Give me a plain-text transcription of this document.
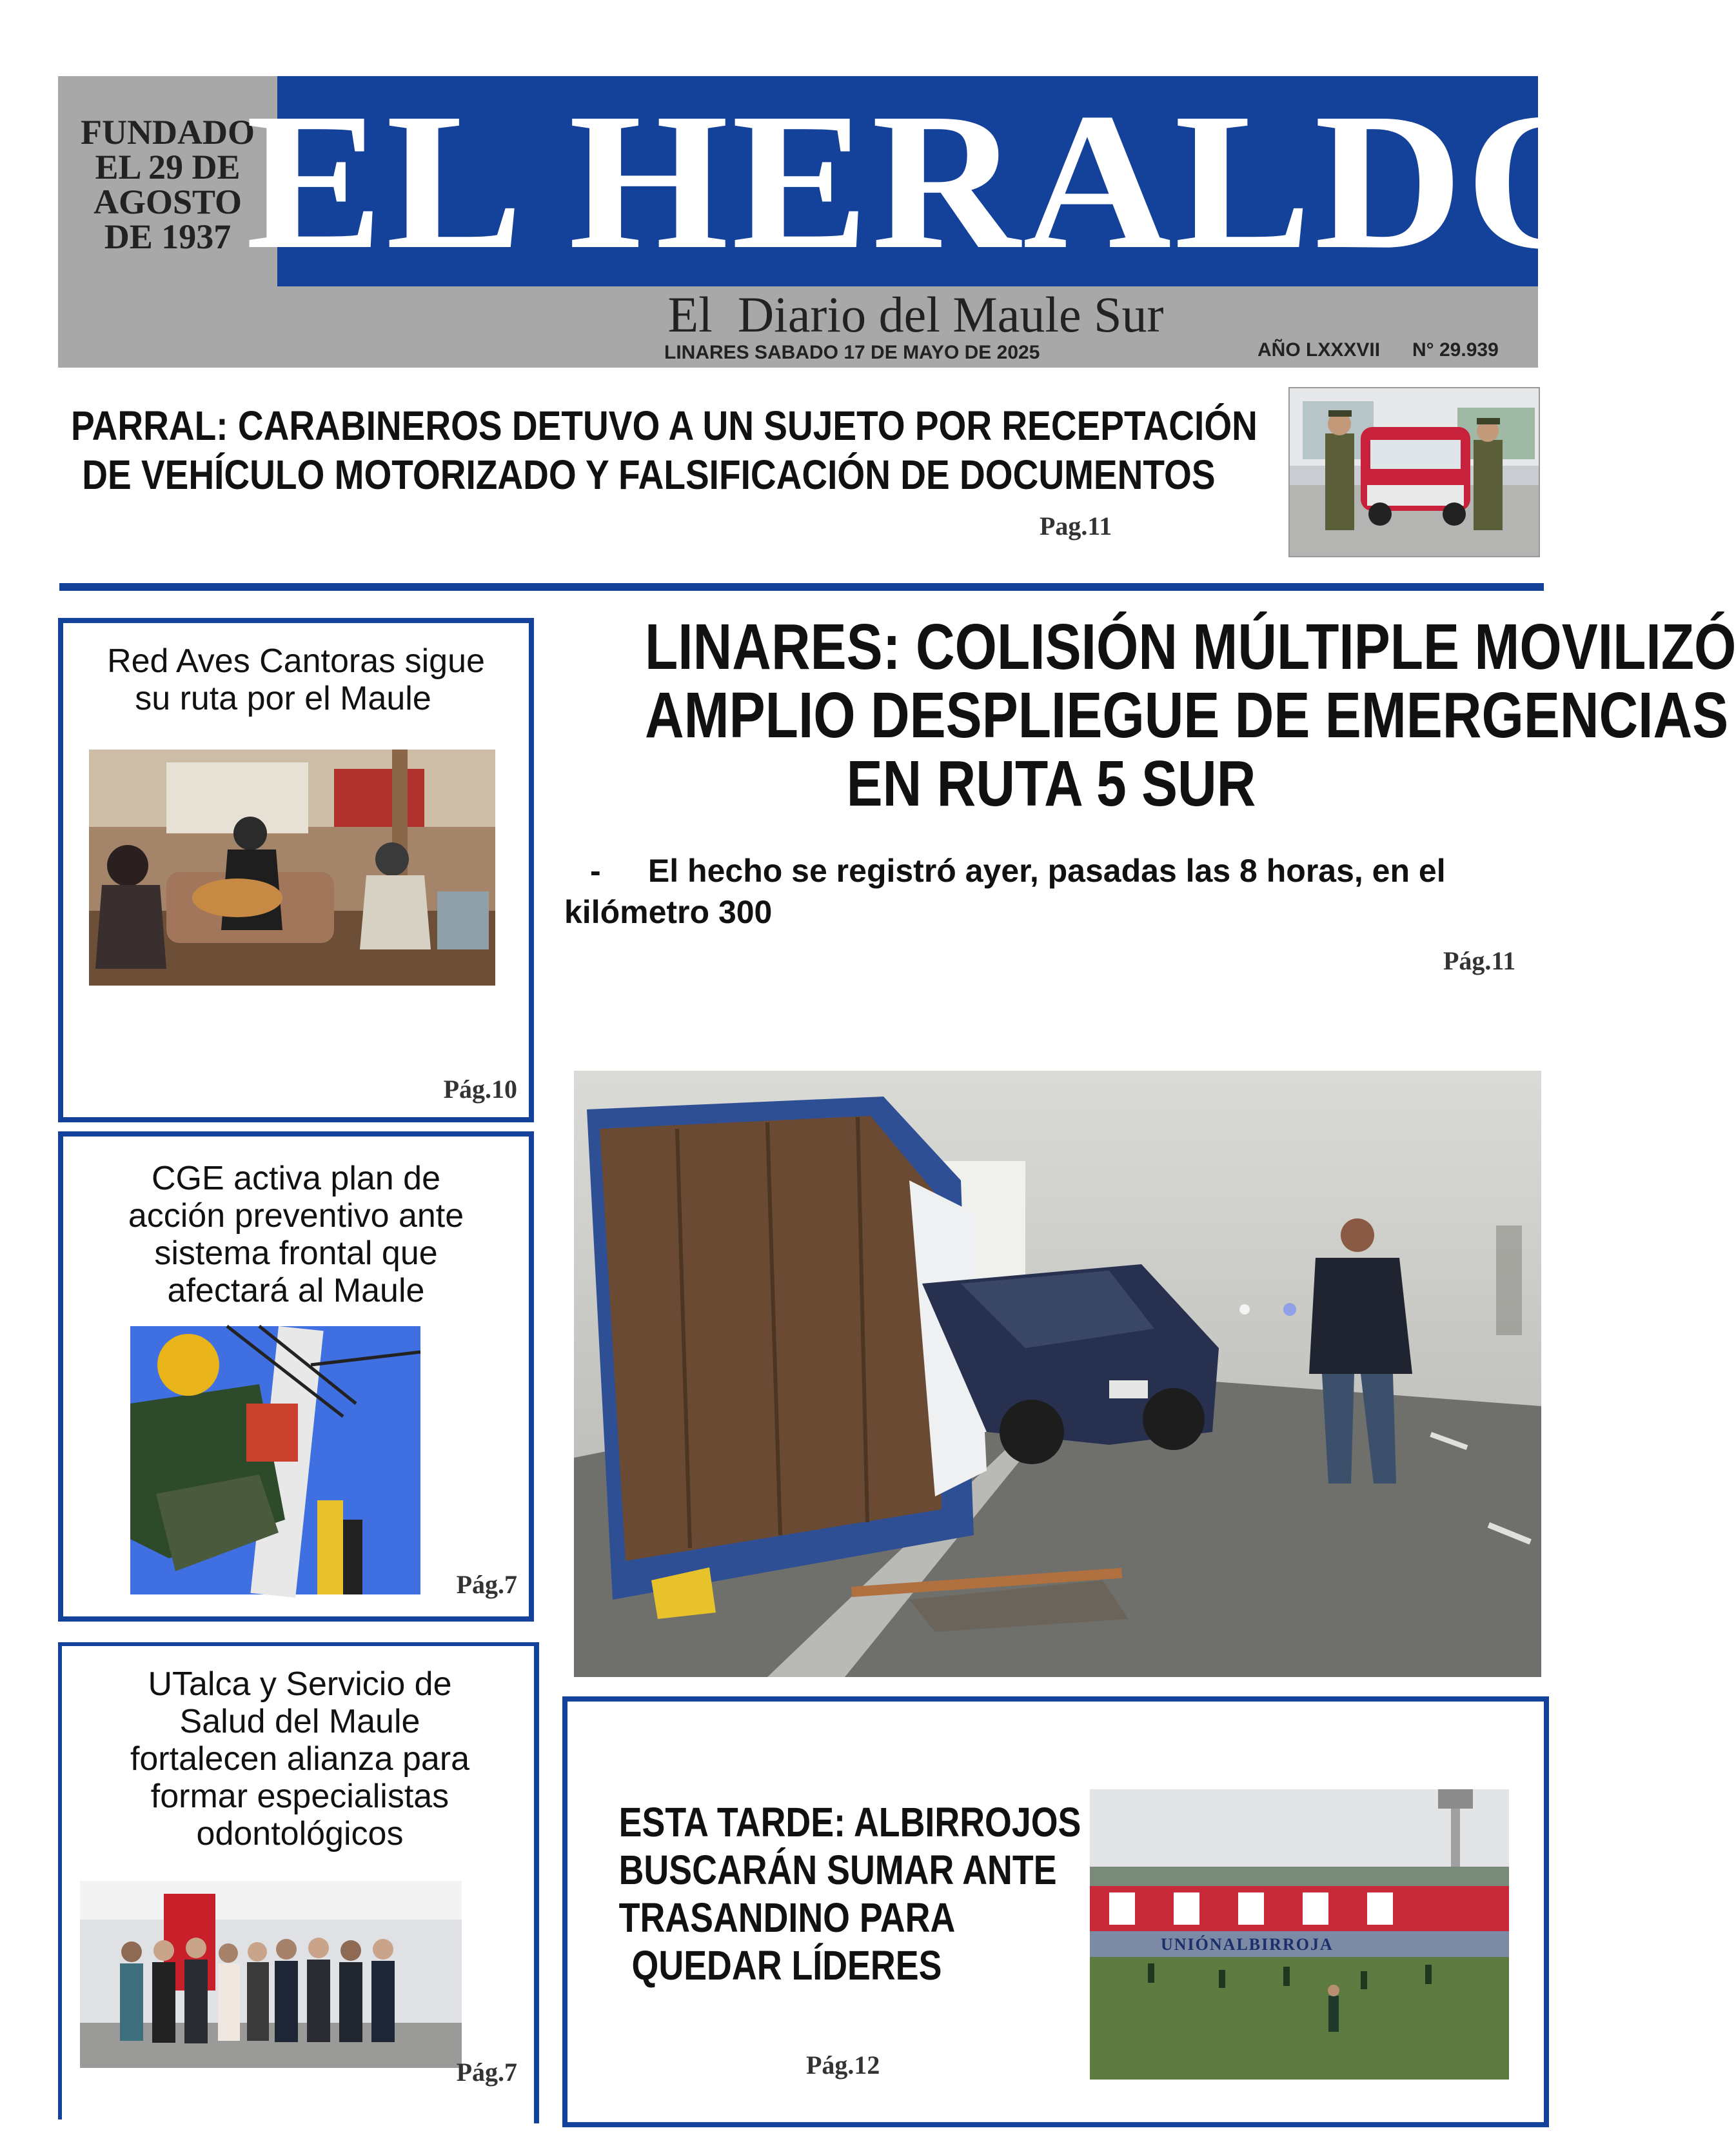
FUNDADO
EL 29 DE
AGOSTO
DE 1937 EL HERALDO
El  Diario del Maule Sur
LINARES SABADO 17 DE MAYO DE 2025	AÑO LXXXVII N° 29.939
PARRAL: CARABINEROS DETUVO A UN SUJETO POR RECEPTACIÓN
DE VEHÍCULO MOTORIZADO Y FALSIFICACIÓN DE DOCUMENTOS
Pag.11
LINARES: COLISIÓN MÚLTIPLE MOVILIZÓ
AMPLIO DESPLIEGUE DE EMERGENCIAS
EN RUTA 5 SUR
- El hecho se registró ayer, pasadas las 8 horas, en el
kilómetro 300
Pág.11
Red Aves Cantoras sigue
su ruta por el Maule
Pág.10
CGE activa plan de
acción preventivo ante
sistema frontal que
afectará al Maule
Pág.7
UTalca y Servicio de
Salud del Maule
fortalecen alianza para
formar especialistas
odontológicos
Pág.7
ESTA TARDE: ALBIRROJOS
BUSCARÁN SUMAR ANTE
TRASANDINO PARA
QUEDAR LÍDERES
Pág.12
UNIÓNALBIRROJA
